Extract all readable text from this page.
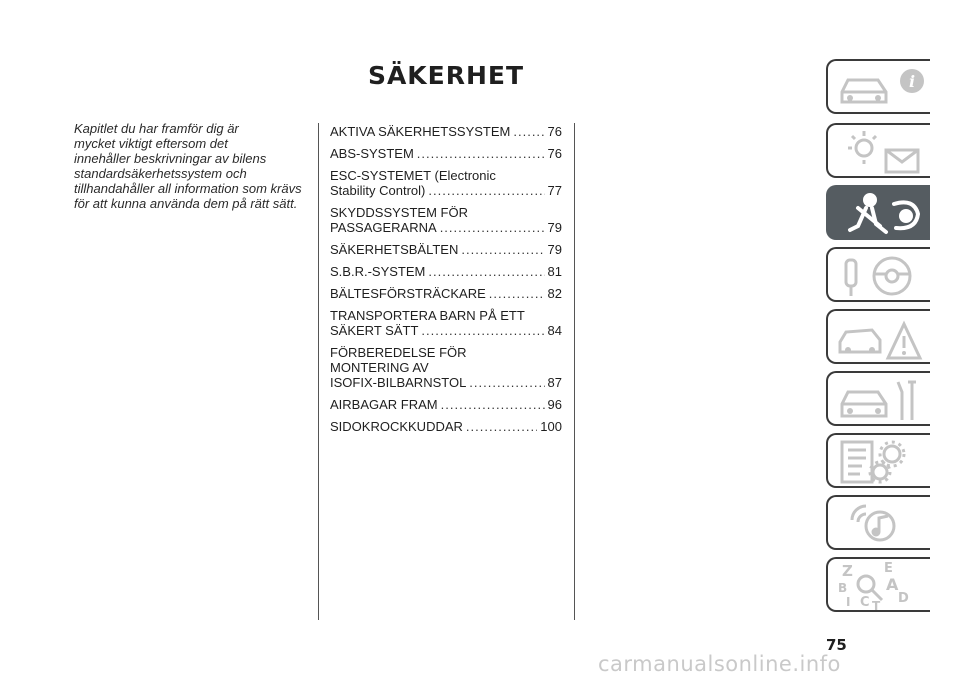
SÄKERHET
Kapitlet du har framför dig är
mycket viktigt eftersom det
innehåller beskrivningar av bilens
standardsäkerhetssystem och
tillhandahåller all information som krävs
för att kunna använda dem på rätt sätt.
AKTIVA SÄKERHETSSYSTEM .....	76
ABS-SYSTEM .....	76
ESC-SYSTEMET (Electronic
Stability Control) .....	77
SKYDDSSYSTEM FÖR
PASSAGERARNA .....	79
SÄKERHETSBÄLTEN .....	79
S.B.R.-SYSTEM .....	81
BÄLTESFÖRSTRÄCKARE .....	82
TRANSPORTERA BARN PÅ ETT
SÄKERT SÄTT .....	84
FÖRBEREDELSE FÖR
MONTERING AV
ISOFIX-BILBARNSTOL .....	87
AIRBAGAR FRAM .....	96
SIDOKROCKKUDDAR .....	100
75
i
Z E
B A
I C T D
carmanualsonline.info
